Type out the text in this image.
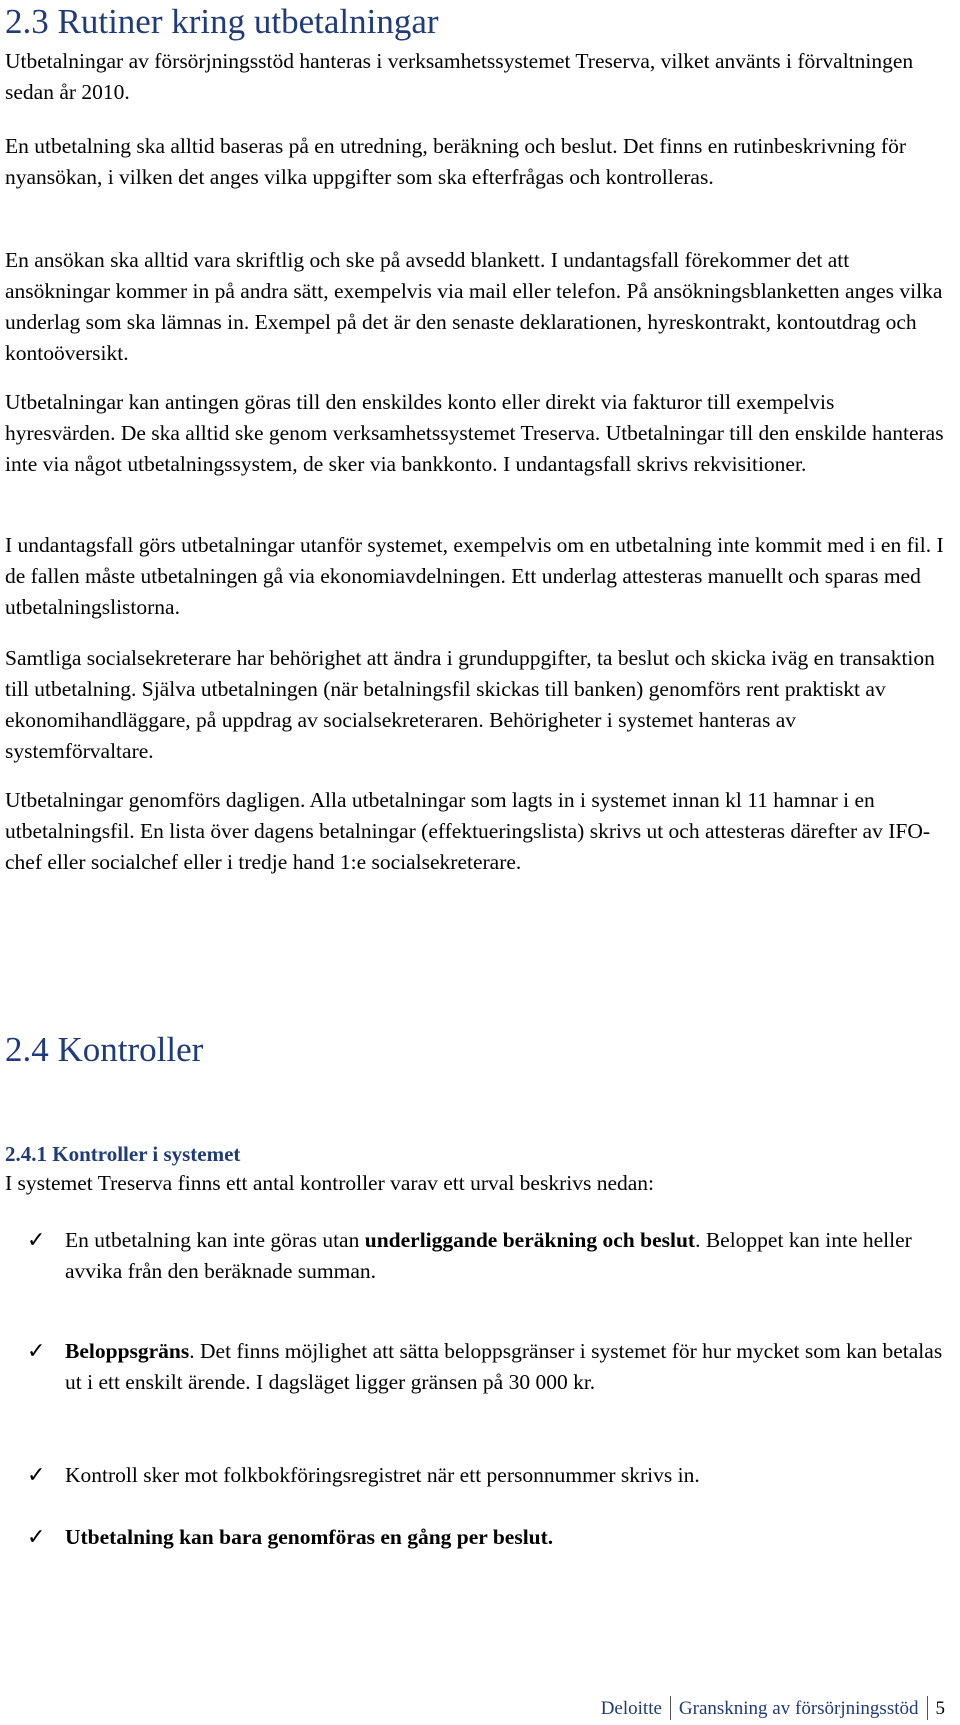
2.3 Rutiner kring utbetalningar

Utbetalningar av försörjningsstöd hanteras i verksamhetssystemet Treserva, vilket använts i förvaltningen sedan år 2010.

En utbetalning ska alltid baseras på en utredning, beräkning och beslut. Det finns en rutinbeskrivning för nyansökan, i vilken det anges vilka uppgifter som ska efterfrågas och kontrolleras.

En ansökan ska alltid vara skriftlig och ske på avsedd blankett. I undantagsfall förekommer det att ansökningar kommer in på andra sätt, exempelvis via mail eller telefon. På ansökningsblanketten anges vilka underlag som ska lämnas in. Exempel på det är den senaste deklarationen, hyreskontrakt, kontoutdrag och kontoöversikt.

Utbetalningar kan antingen göras till den enskildes konto eller direkt via fakturor till exempelvis hyresvärden. De ska alltid ske genom verksamhetssystemet Treserva. Utbetalningar till den enskilde hanteras inte via något utbetalningssystem, de sker via bankkonto. I undantagsfall skrivs rekvisitioner.

I undantagsfall görs utbetalningar utanför systemet, exempelvis om en utbetalning inte kommit med i en fil. I de fallen måste utbetalningen gå via ekonomiavdelningen. Ett underlag attesteras manuellt och sparas med utbetalningslistorna.

Samtliga socialsekreterare har behörighet att ändra i grunduppgifter, ta beslut och skicka iväg en transaktion till utbetalning. Själva utbetalningen (när betalningsfil skickas till banken) genomförs rent praktiskt av ekonomihandläggare, på uppdrag av socialsekreteraren. Behörigheter i systemet hanteras av systemförvaltare.

Utbetalningar genomförs dagligen. Alla utbetalningar som lagts in i systemet innan kl 11 hamnar i en utbetalningsfil. En lista över dagens betalningar (effektueringslista) skrivs ut och attesteras därefter av IFO-chef eller socialchef eller i tredje hand 1:e socialsekreterare.

2.4 Kontroller
2.4.1 Kontroller i systemet

I systemet Treserva finns ett antal kontroller varav ett urval beskrivs nedan:

✓ En utbetalning kan inte göras utan underliggande beräkning och beslut. Beloppet kan inte heller avvika från den beräknade summan.

✓ Beloppsgräns. Det finns möjlighet att sätta beloppsgränser i systemet för hur mycket som kan betalas ut i ett enskilt ärende. I dagsläget ligger gränsen på 30 000 kr.

✓ Kontroll sker mot folkbokföringsregistret när ett personnummer skrivs in.

✓ Utbetalning kan bara genomföras en gång per beslut.

Deloitte Granskning av försörjningsstöd 5
